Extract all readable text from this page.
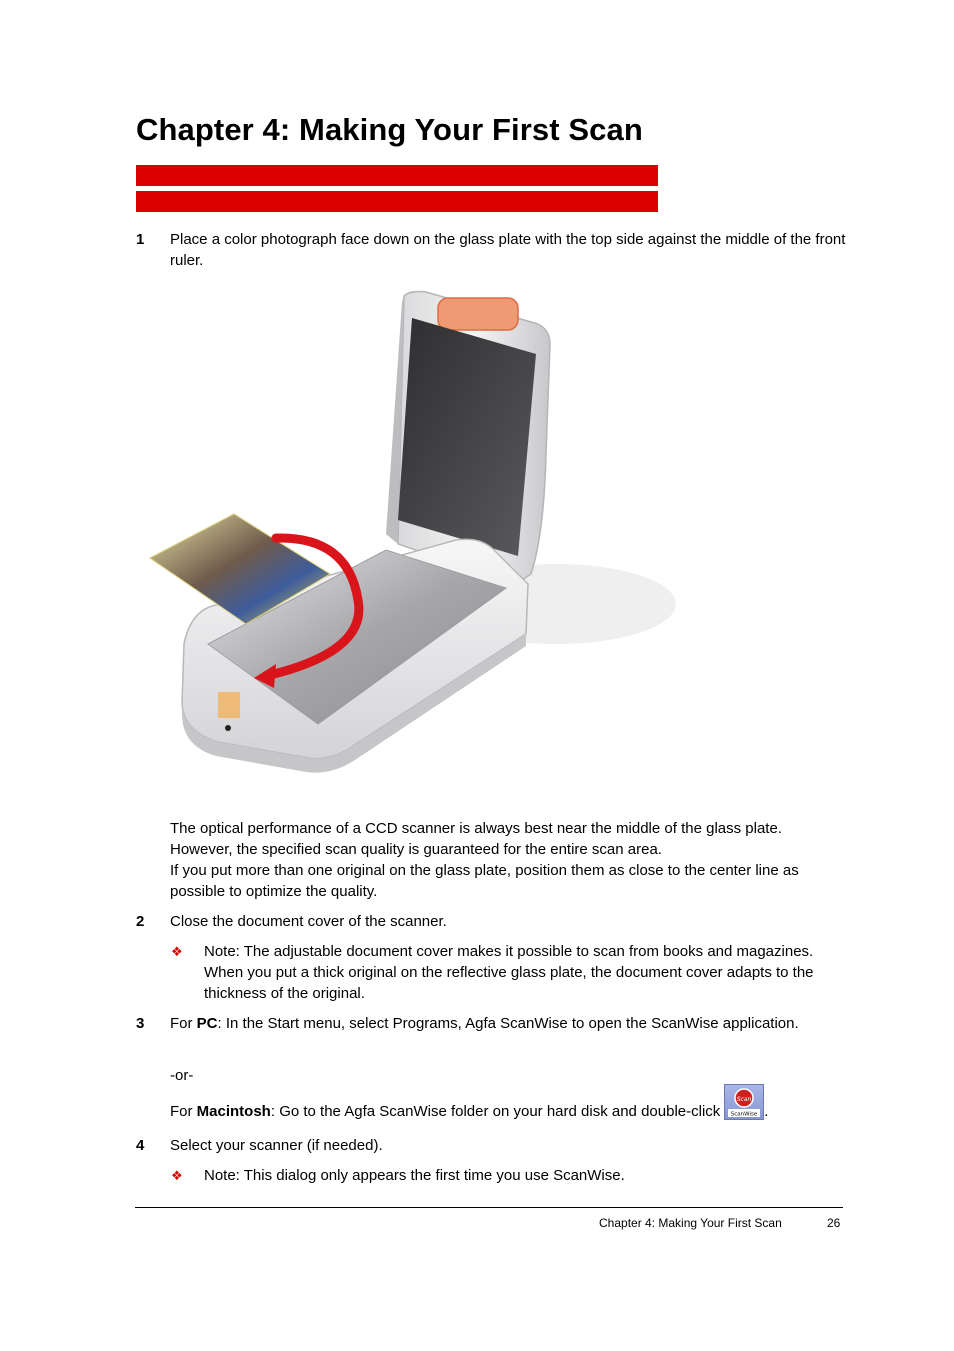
Chapter 4: Making Your First Scan
1 Place a color photograph face down on the glass plate with the top side against the middle of the front ruler.

The optical performance of a CCD scanner is always best near the middle of the glass plate.
However, the specified scan quality is guaranteed for the entire scan area.
If you put more than one original on the glass plate, position them as close to the center line as possible to optimize the quality.

2 Close the document cover of the scanner.

❖ Note: The adjustable document cover makes it possible to scan from books and magazines. When you put a thick original on the reflective glass plate, the document cover adapts to the thickness of the original.

3 For PC: In the Start menu, select Programs, Agfa ScanWise to open the ScanWise application.

-or-

For Macintosh: Go to the Agfa ScanWise folder on your hard disk and double-click
Scan
ScanWise .

4 Select your scanner (if needed).

❖ Note: This dialog only appears the first time you use ScanWise.

Chapter 4: Making Your First Scan	26
